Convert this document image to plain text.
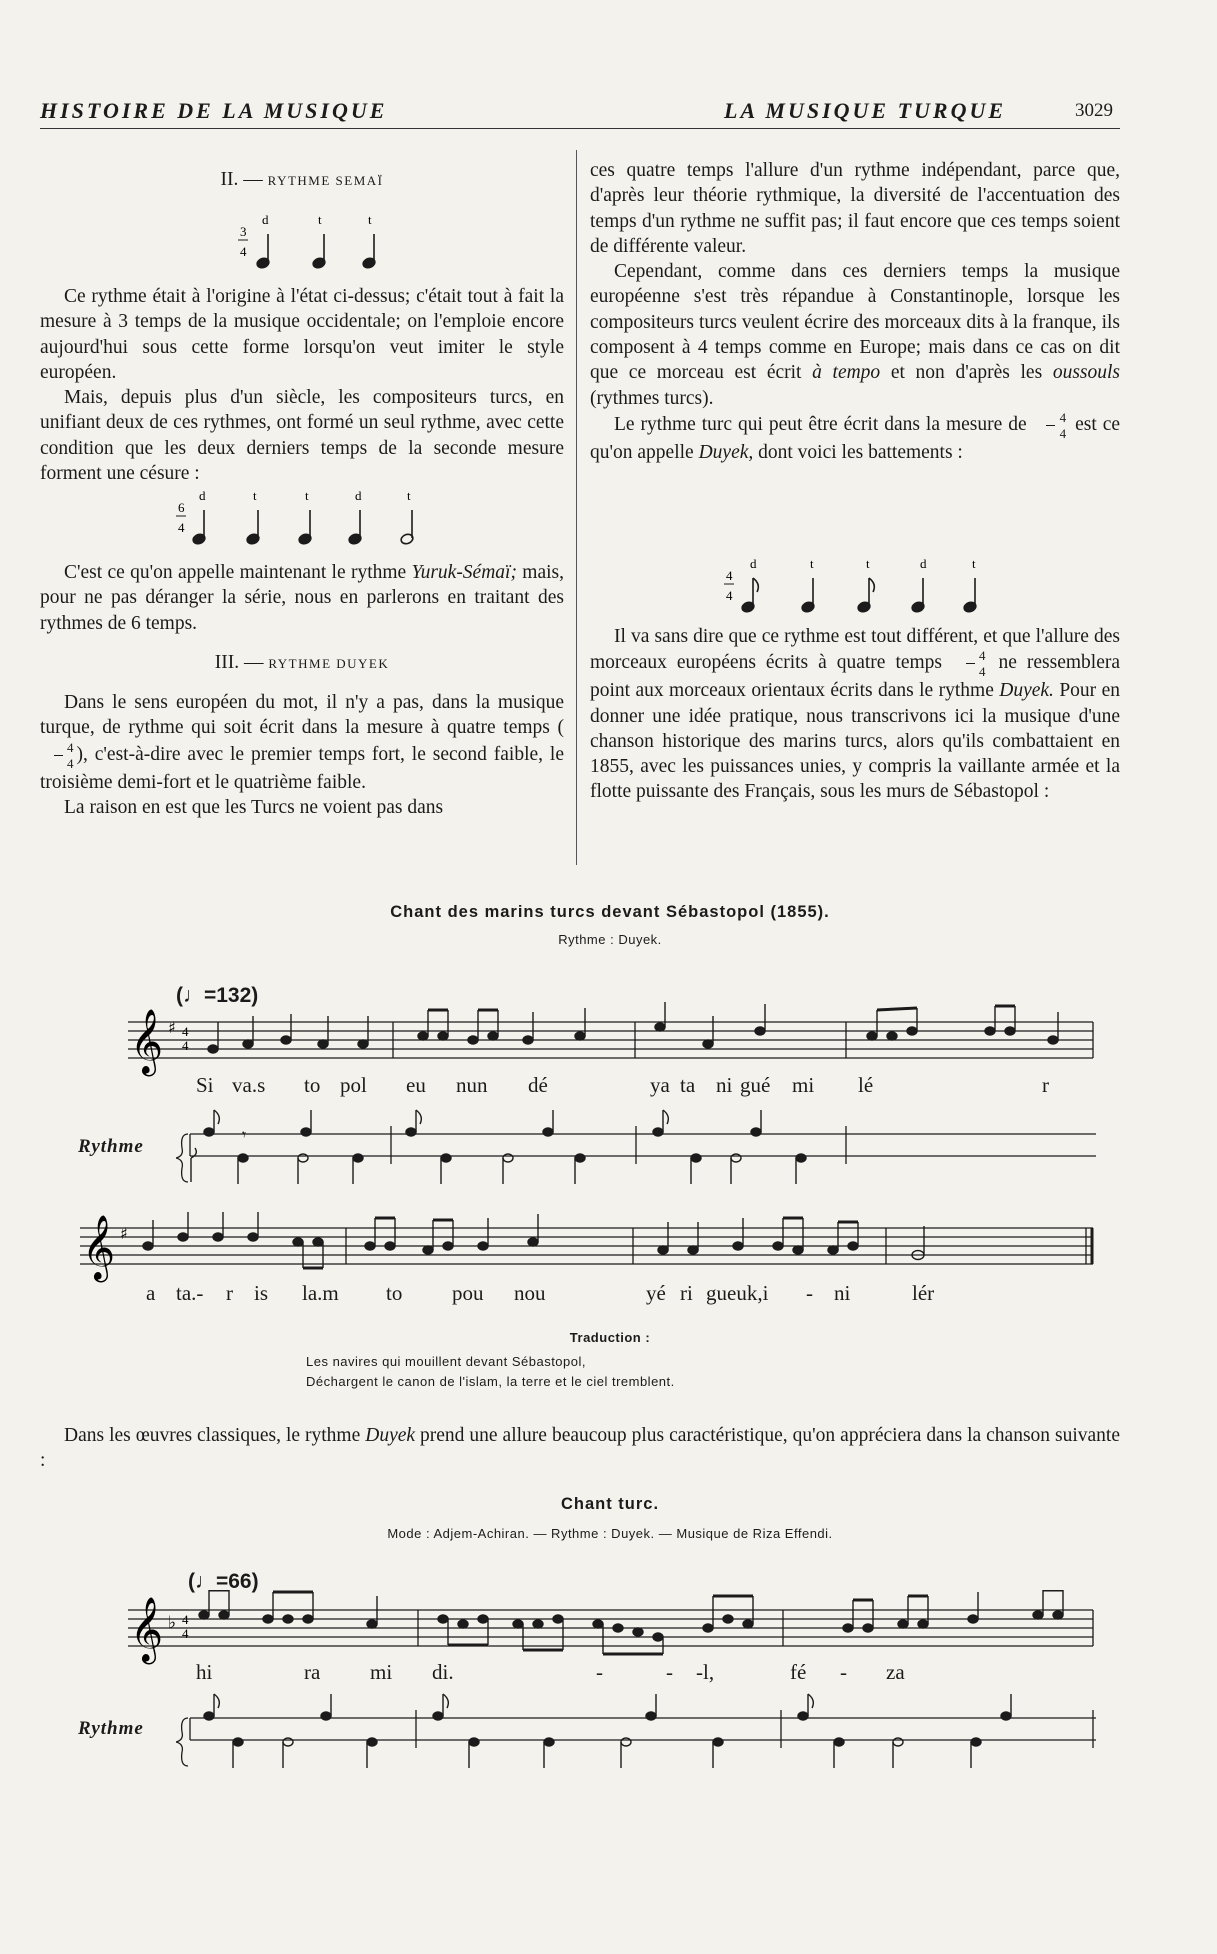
HISTOIRE DE LA MUSIQUE	LA MUSIQUE TURQUE	3029
II. — RYTHME SEMAÏ
d	t	t
3
4

Ce rythme était à l'origine à l'état ci-dessus; c'était tout à fait la mesure à 3 temps de la musique occidentale; on l'emploie encore aujourd'hui sous cette forme lorsqu'on veut imiter le style européen.

Mais, depuis plus d'un siècle, les compositeurs turcs, en unifiant deux de ces rythmes, ont formé un seul rythme, avec cette condition que les deux derniers temps de la seconde mesure forment une césure :

d	t	t	d	t
6
4

C'est ce qu'on appelle maintenant le rythme Yuruk-Sémaï; mais, pour ne pas déranger la série, nous en parlerons en traitant des rythmes de 6 temps.

III. — RYTHME DUYEK

Dans le sens européen du mot, il n'y a pas, dans la musique turque, de rythme qui soit écrit dans la mesure à quatre temps (
$\frac{4}{4}$ ), c'est-à-dire avec le premier temps fort, le second faible, le troisième demi-fort et le quatrième faible.

La raison en est que les Turcs ne voient pas dans

ces quatre temps l'allure d'un rythme indépendant, parce que, d'après leur théorie rythmique, la diversité de l'accentuation des temps d'un rythme ne suffit pas; il faut encore que ces temps soient de différente valeur.

Cependant, comme dans ces derniers temps la musique européenne s'est très répandue à Constantinople, lorsque les compositeurs turcs veulent écrire des morceaux dits à la franque, ils composent à 4 temps comme en Europe; mais dans ce cas on dit que ce morceau est écrit à tempo et non d'après les oussouls (rythmes turcs).

Le rythme turc qui peut être écrit dans la mesure de $\frac{4}{4}$ est ce qu'on appelle Duyek, dont voici les battements :

d	t	t	d	t
4
4

Il va sans dire que ce rythme est tout différent, et que l'allure des morceaux européens écrits à quatre temps $\frac{4}{4}$ ne ressemblera point aux morceaux orientaux écrits dans le rythme Duyek. Pour en donner une idée pratique, nous transcrivons ici la musique d'une chanson historique des marins turcs, alors qu'ils combattaient en 1855, avec les puissances unies, y compris la vaillante armée et la flotte puissante des Français, sous les murs de Sébastopol :

Chant des marins turcs devant Sébastopol (1855).
Rythme : Duyek.
(♩=132)
𝄞 ♯ 4
4
Si va.s to pol eu nun dé	ya ta ni gué mi lé	r
Rythme
𝄾
𝄞 ♯
a ta.- r is la.m to pou nou	yé ri gueuk,i - ni	lér
Traduction :
Les navires qui mouillent devant Sébastopol,
Déchargent le canon de l'islam, la terre et le ciel tremblent.

Dans les œuvres classiques, le rythme Duyek prend une allure beaucoup plus caractéristique, qu'on appréciera dans la chanson suivante :

Chant turc.
Mode : Adjem-Achiran. — Rythme : Duyek. — Musique de Riza Effendi.
(♩=66)
𝄞 ♭ 4
4
hi	ra mi di.	-	- -l,	fé - za
Rythme
